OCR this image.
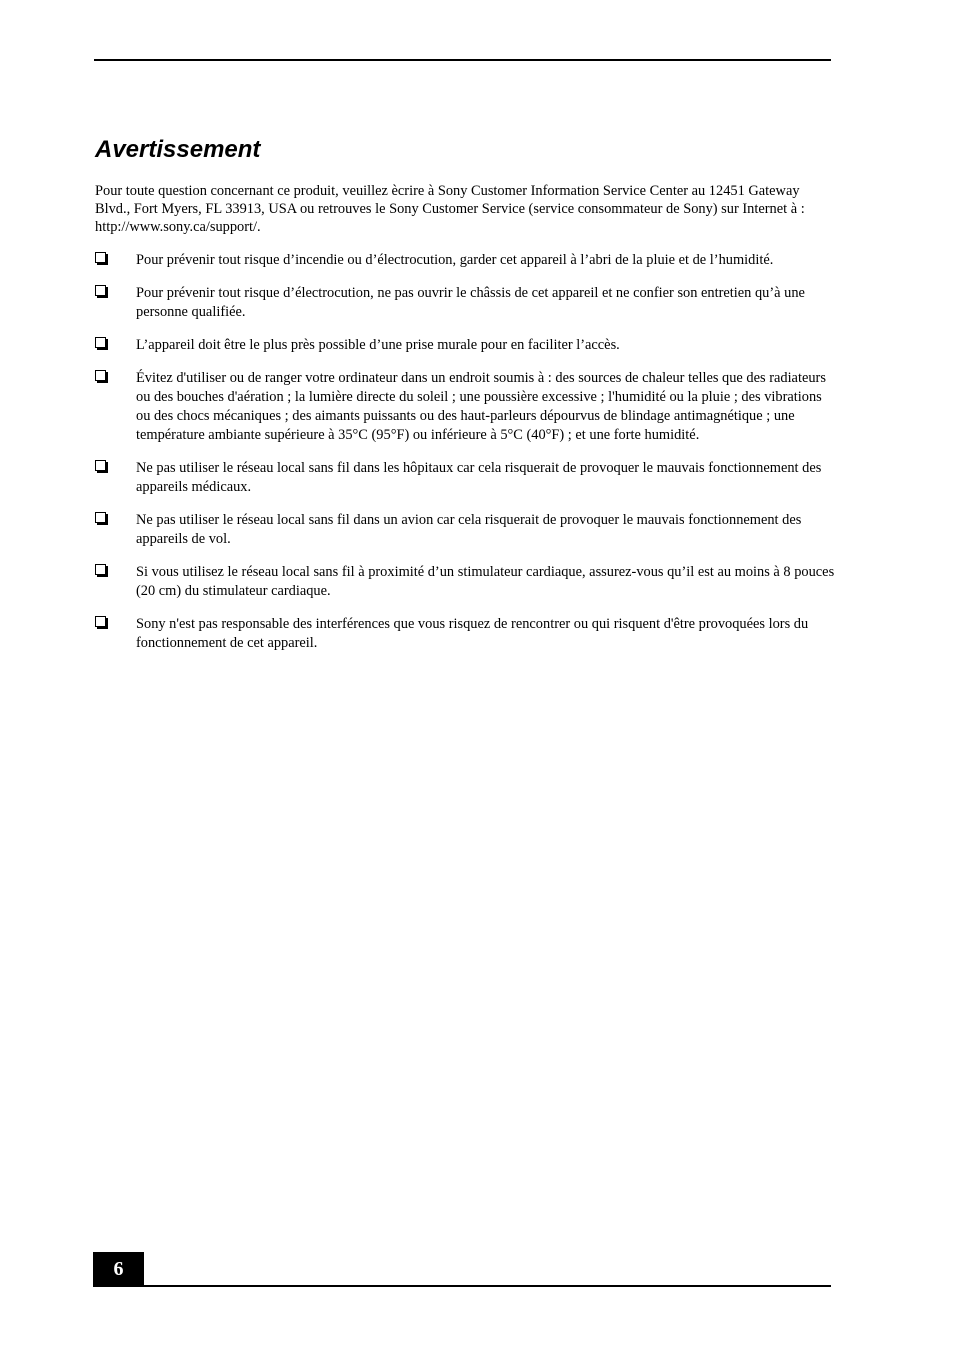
Avertissement

Pour toute question concernant ce produit, veuillez ècrire à Sony Customer Information Service Center au 12451 Gateway Blvd., Fort Myers, FL 33913, USA ou retrouves le Sony Customer Service (service consommateur de Sony) sur Internet à : http://www.sony.ca/support/.

Pour prévenir tout risque d’incendie ou d’électrocution, garder cet appareil à l’abri de la pluie et de l’humidité.
Pour prévenir tout risque d’électrocution, ne pas ouvrir le châssis de cet appareil et ne confier son entretien qu’à une personne qualifiée.
L’appareil doit être le plus près possible d’une prise murale pour en faciliter l’accès.
Évitez d'utiliser ou de ranger votre ordinateur dans un endroit soumis à : des sources de chaleur telles que des radiateurs ou des bouches d'aération ; la lumière directe du soleil ; une poussière excessive ; l'humidité ou la pluie ; des vibrations ou des chocs mécaniques ; des aimants puissants ou des haut-parleurs dépourvus de blindage antimagnétique ; une température ambiante supérieure à 35°C (95°F) ou inférieure à 5°C (40°F) ; et une forte humidité.
Ne pas utiliser le réseau local sans fil dans les hôpitaux car cela risquerait de provoquer le mauvais fonctionnement des appareils médicaux.
Ne pas utiliser le réseau local sans fil dans un avion car cela risquerait de provoquer le mauvais fonctionnement des appareils de vol.
Si vous utilisez le réseau local sans fil à proximité d’un stimulateur cardiaque, assurez-vous qu’il est au moins à 8 pouces (20 cm) du stimulateur cardiaque.
Sony n'est pas responsable des interférences que vous risquez de rencontrer ou qui risquent d'être provoquées lors du fonctionnement de cet appareil.
6
